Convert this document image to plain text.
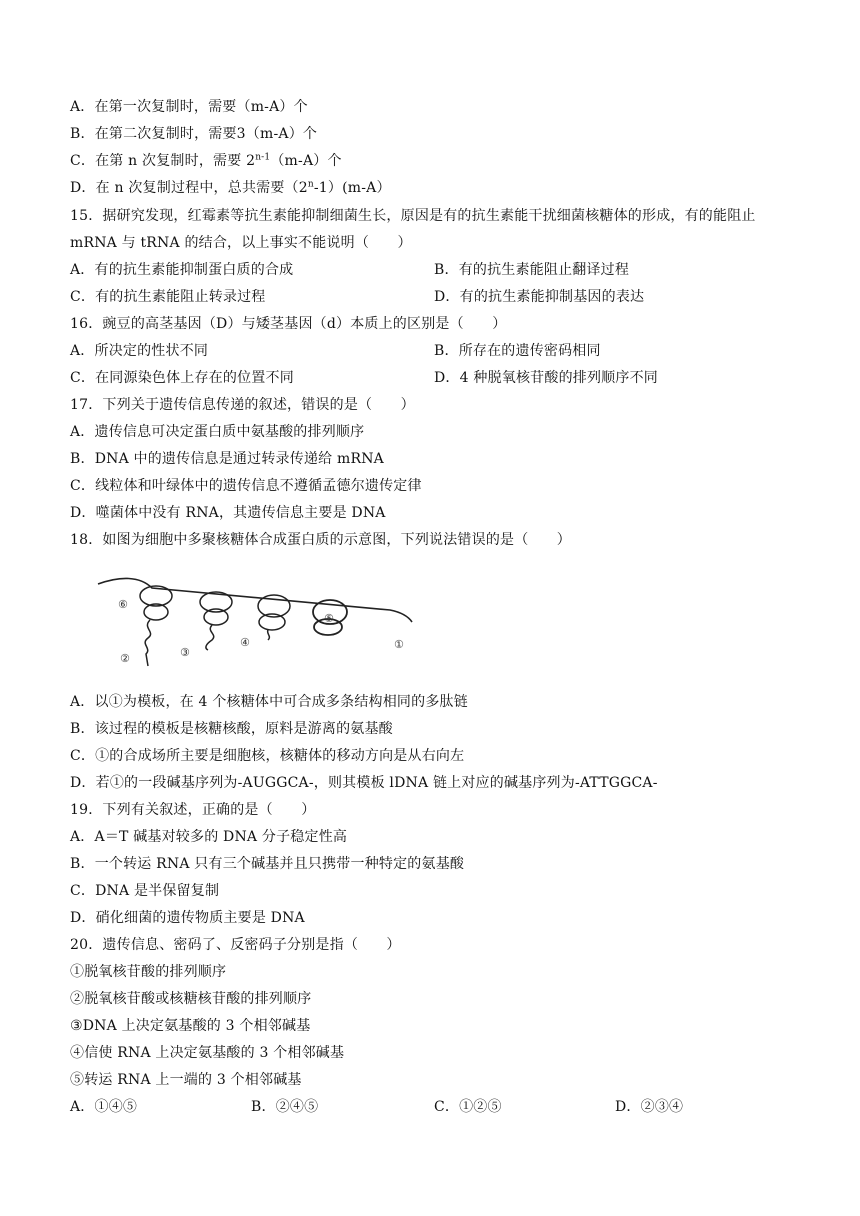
A．在第一次复制时，需要（m-A）个
B．在第二次复制时，需要3（m-A）个
C．在第 n 次复制时，需要 2$^{n-1}$（m-A）个
D．在 n 次复制过程中，总共需要（2$^n$-1）(m-A）
15．据研究发现，红霉素等抗生素能抑制细菌生长，原因是有的抗生素能干扰细菌核糖体的形成，有的能阻止
mRNA 与 tRNA 的结合，以上事实不能说明（　　）
A．有的抗生素能抑制蛋白质的合成	B．有的抗生素能阻止翻译过程
C．有的抗生素能阻止转录过程	D．有的抗生素能抑制基因的表达
16．豌豆的高茎基因（D）与矮茎基因（d）本质上的区别是（　　）
A．所决定的性状不同	B．所存在的遗传密码相同
C．在同源染色体上存在的位置不同	D．4 种脱氧核苷酸的排列顺序不同
17．下列关于遗传信息传递的叙述，错误的是（　　）
A．遗传信息可决定蛋白质中氨基酸的排列顺序
B．DNA 中的遗传信息是通过转录传递给 mRNA
C．线粒体和叶绿体中的遗传信息不遵循孟德尔遗传定律
D．噬菌体中没有 RNA，其遗传信息主要是 DNA
18．如图为细胞中多聚核糖体合成蛋白质的示意图，下列说法错误的是（　　）
⑥
②	③
④
⑤
①
A．以①为模板，在 4 个核糖体中可合成多条结构相同的多肽链
B．该过程的模板是核糖核酸，原料是游离的氨基酸
C．①的合成场所主要是细胞核，核糖体的移动方向是从右向左
D．若①的一段碱基序列为-AUGGCA-，则其模板 lDNA 链上对应的碱基序列为-ATTGGCA-
19．下列有关叙述，正确的是（　　）
A．A＝T 碱基对较多的 DNA 分子稳定性高
B．一个转运 RNA 只有三个碱基并且只携带一种特定的氨基酸
C．DNA 是半保留复制
D．硝化细菌的遗传物质主要是 DNA
20．遗传信息、密码了、反密码子分别是指（　　）
①脱氧核苷酸的排列顺序
②脱氧核苷酸或核糖核苷酸的排列顺序
③DNA 上决定氨基酸的 3 个相邻碱基
④信使 RNA 上决定氨基酸的 3 个相邻碱基
⑤转运 RNA 上一端的 3 个相邻碱基
A．①④⑤	B．②④⑤	C．①②⑤	D．②③④
